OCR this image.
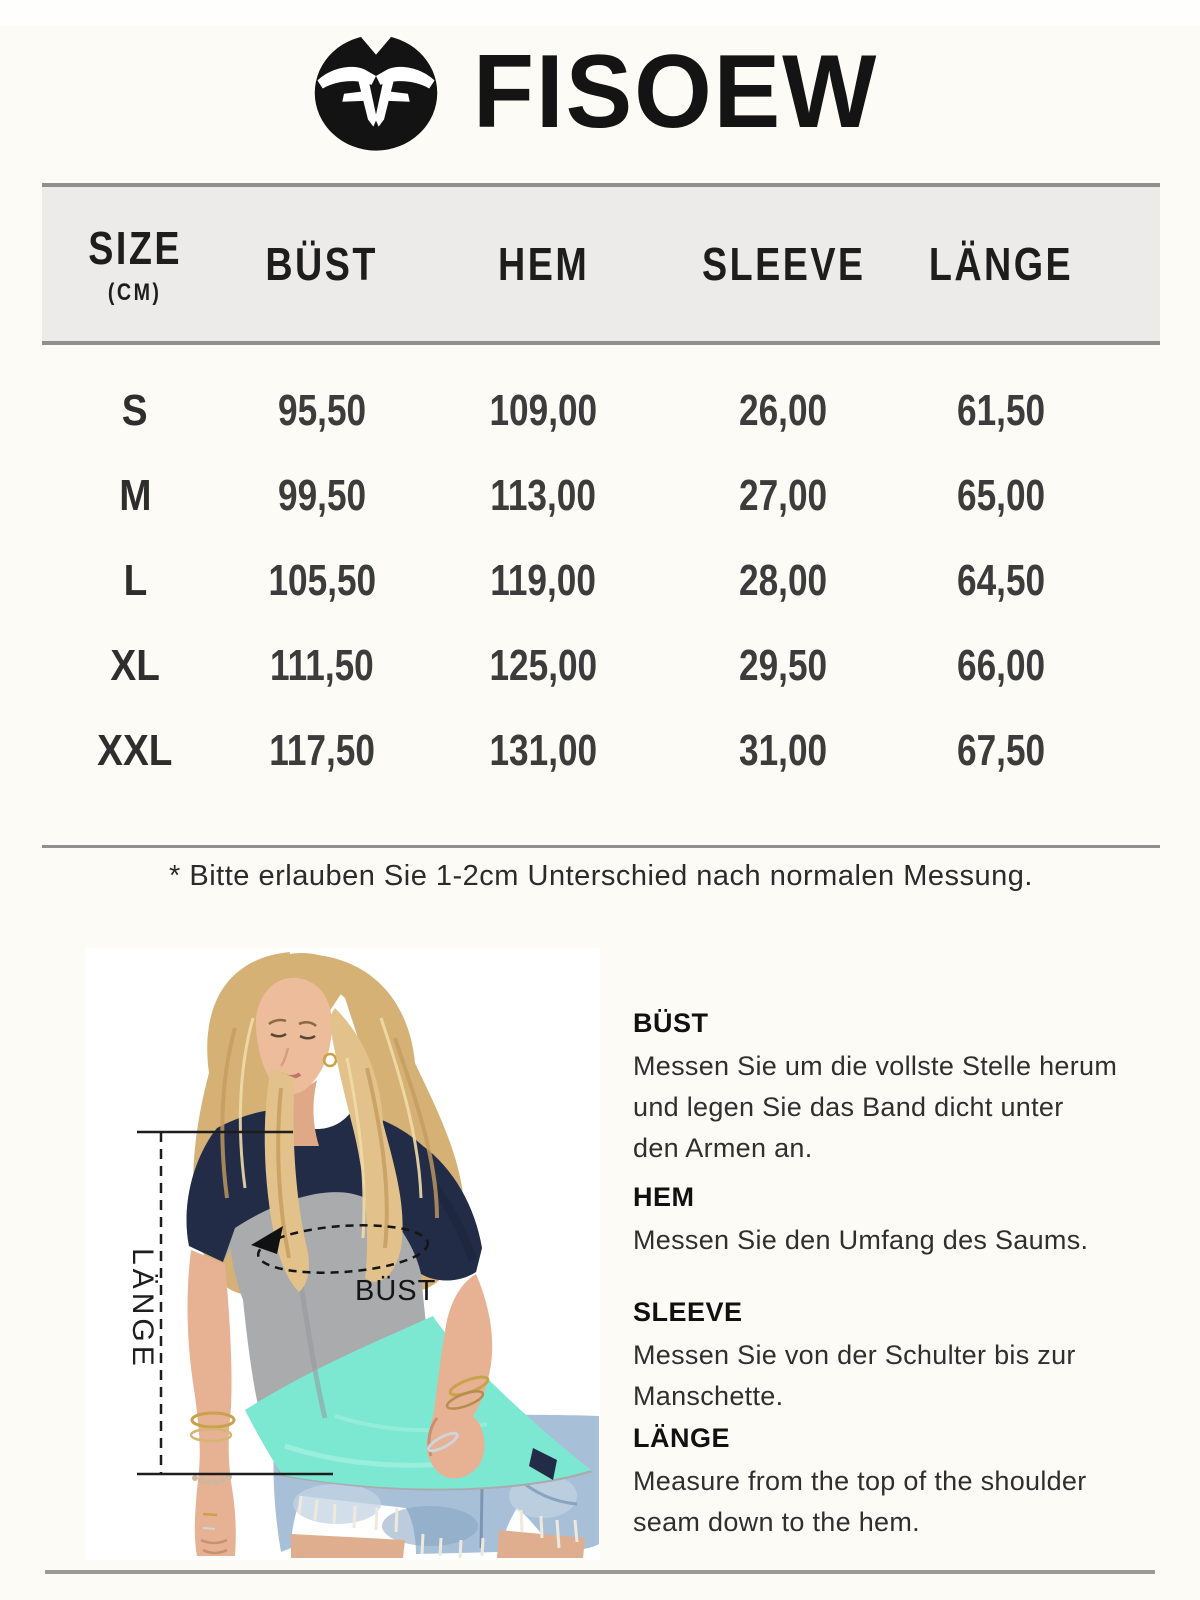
FISOEW
SIZE
(CM)
BÜST	HEM	SLEEVE	LÄNGE
S	95,50	109,00	26,00	61,50
M	99,50	113,00	27,00	65,00
L	105,50	119,00	28,00	64,50
XL	111,50	125,00	29,50	66,00
XXL	117,50	131,00	31,00	67,50
* Bitte erlauben Sie 1-2cm Unterschied nach normalen Messung.
LÄNGE	BÜST
BÜST
Messen Sie um die vollste Stelle herum
und legen Sie das Band dicht unter
den Armen an.
HEM
Messen Sie den Umfang des Saums.
SLEEVE
Messen Sie von der Schulter bis zur
Manschette.
LÄNGE
Measure from the top of the shoulder
seam down to the hem.
